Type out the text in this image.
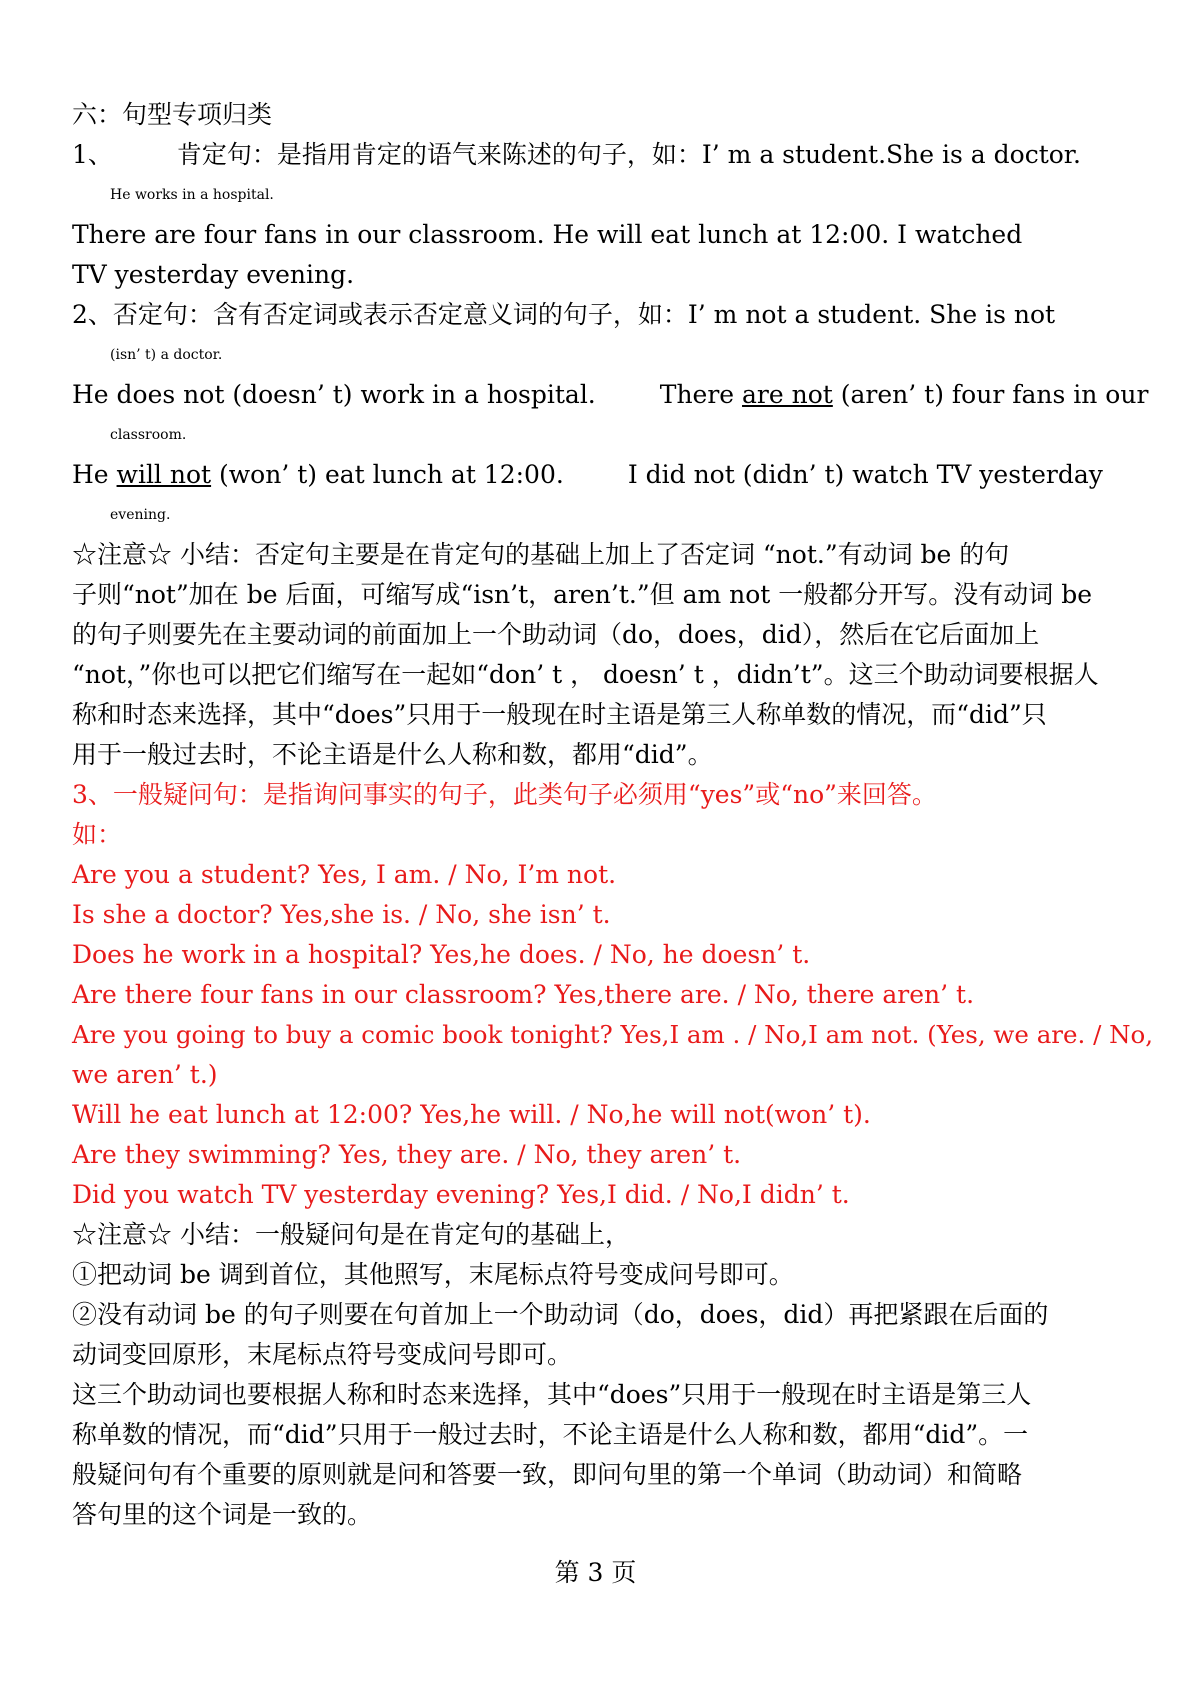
六：句型专项归类
1、	肯定句：是指用肯定的语气来陈述的句子，如：I’ m a student.She is a doctor.
He works in a hospital.
There are four fans in our classroom. He will eat lunch at 12:00. I watched
TV yesterday evening.
2、否定句：含有否定词或表示否定意义词的句子，如：I’ m not a student. She is not
(isn’ t) a doctor.
He does not (doesn’ t) work in a hospital.	There are not (aren’ t) four fans in our
classroom.
He will not (won’ t) eat lunch at 12:00.	I did not (didn’ t) watch TV yesterday
evening.
☆注意☆ 小结：否定句主要是在肯定句的基础上加上了否定词 “not.”有动词 be 的句
子则“not”加在 be 后面，可缩写成“isn’t，aren’t.”但 am not 一般都分开写。没有动词 be
的句子则要先在主要动词的前面加上一个助动词（do，does，did），然后在它后面加上
“not，”你也可以把它们缩写在一起如“don’ t ， doesn’ t ，didn’t”。这三个助动词要根据人
称和时态来选择，其中“does”只用于一般现在时主语是第三人称单数的情况，而“did”只
用于一般过去时，不论主语是什么人称和数，都用“did”。
3、一般疑问句：是指询问事实的句子，此类句子必须用“yes”或“no”来回答。
如：
Are you a student? Yes, I am. / No, I’m not.
Is she a doctor? Yes,she is. / No, she isn’ t.
Does he work in a hospital? Yes,he does. / No, he doesn’ t.
Are there four fans in our classroom? Yes,there are. / No, there aren’ t.
Are you going to buy a comic book tonight? Yes,I am . / No,I am not. (Yes, we are. / No,
we aren’ t.)
Will he eat lunch at 12:00? Yes,he will. / No,he will not(won’ t).
Are they swimming? Yes, they are. / No, they aren’ t.
Did you watch TV yesterday evening? Yes,I did. / No,I didn’ t.
☆注意☆ 小结：一般疑问句是在肯定句的基础上，
①把动词 be 调到首位，其他照写，末尾标点符号变成问号即可。
②没有动词 be 的句子则要在句首加上一个助动词（do，does，did）再把紧跟在后面的
动词变回原形，末尾标点符号变成问号即可。
这三个助动词也要根据人称和时态来选择，其中“does”只用于一般现在时主语是第三人
称单数的情况，而“did”只用于一般过去时，不论主语是什么人称和数，都用“did”。一
般疑问句有个重要的原则就是问和答要一致，即问句里的第一个单词（助动词）和简略
答句里的这个词是一致的。
第 3 页
